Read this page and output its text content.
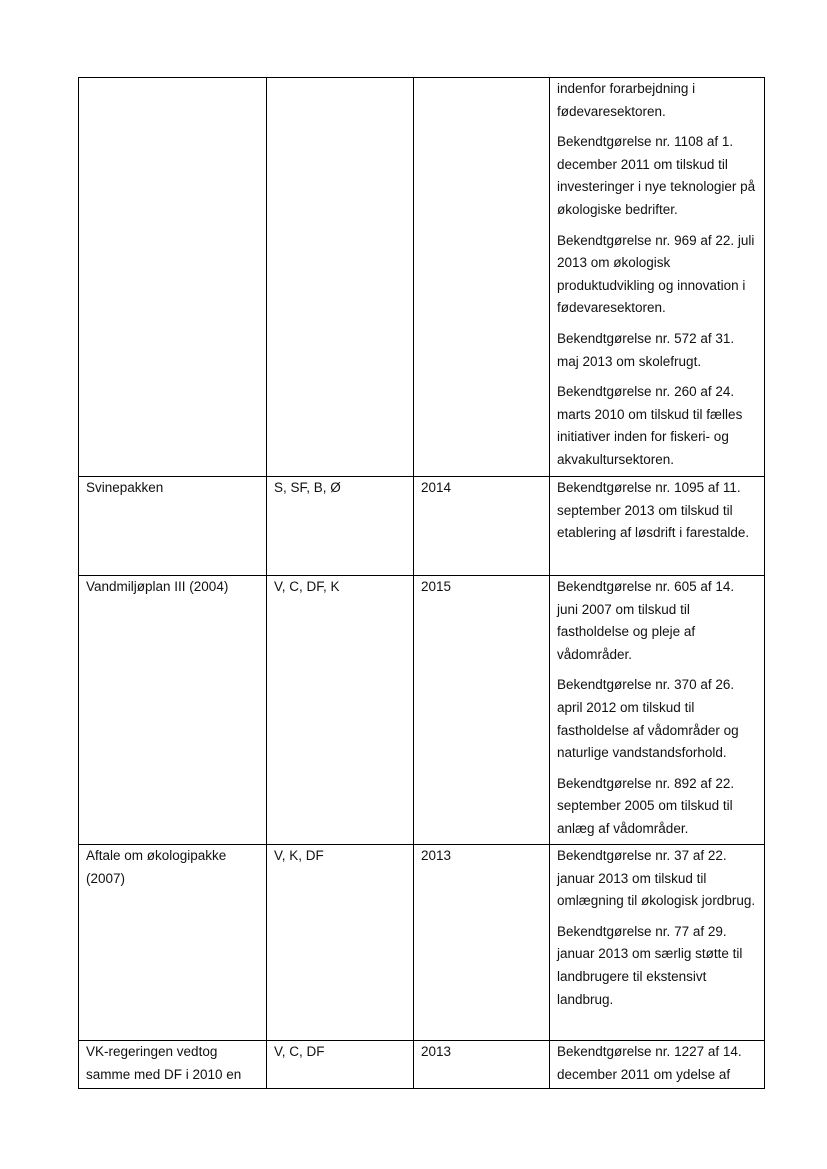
			indenfor forarbejdning i fødevaresektoren.

Bekendtgørelse nr. 1108 af 1. december 2011 om tilskud til investeringer i nye teknologier på økologiske bedrifter.

Bekendtgørelse nr. 969 af 22. juli 2013 om økologisk produktudvikling og innovation i fødevaresektoren.

Bekendtgørelse nr. 572 af 31. maj 2013 om skolefrugt.

Bekendtgørelse nr. 260 af 24. marts 2010 om tilskud til fælles initiativer inden for fiskeri- og akvakultursektoren.

Svinepakken	S, SF, B, Ø	2014	Bekendtgørelse nr. 1095 af 11. september 2013 om tilskud til etablering af løsdrift i farestalde.

Vandmiljøplan III (2004)	V, C, DF, K	2015	Bekendtgørelse nr. 605 af 14. juni 2007 om tilskud til fastholdelse og pleje af vådområder.

Bekendtgørelse nr. 370 af 26. april 2012 om tilskud til fastholdelse af vådområder og naturlige vandstandsforhold.

Bekendtgørelse nr. 892 af 22. september 2005 om tilskud til anlæg af vådområder.

Aftale om økologipakke (2007)	V, K, DF	2013	Bekendtgørelse nr. 37 af 22. januar 2013 om tilskud til omlægning til økologisk jordbrug.

Bekendtgørelse nr. 77 af 29. januar 2013 om særlig støtte til landbrugere til ekstensivt landbrug.

VK-regeringen vedtog samme med DF i 2010 en	V, C, DF	2013	Bekendtgørelse nr. 1227 af 14. december 2011 om ydelse af
